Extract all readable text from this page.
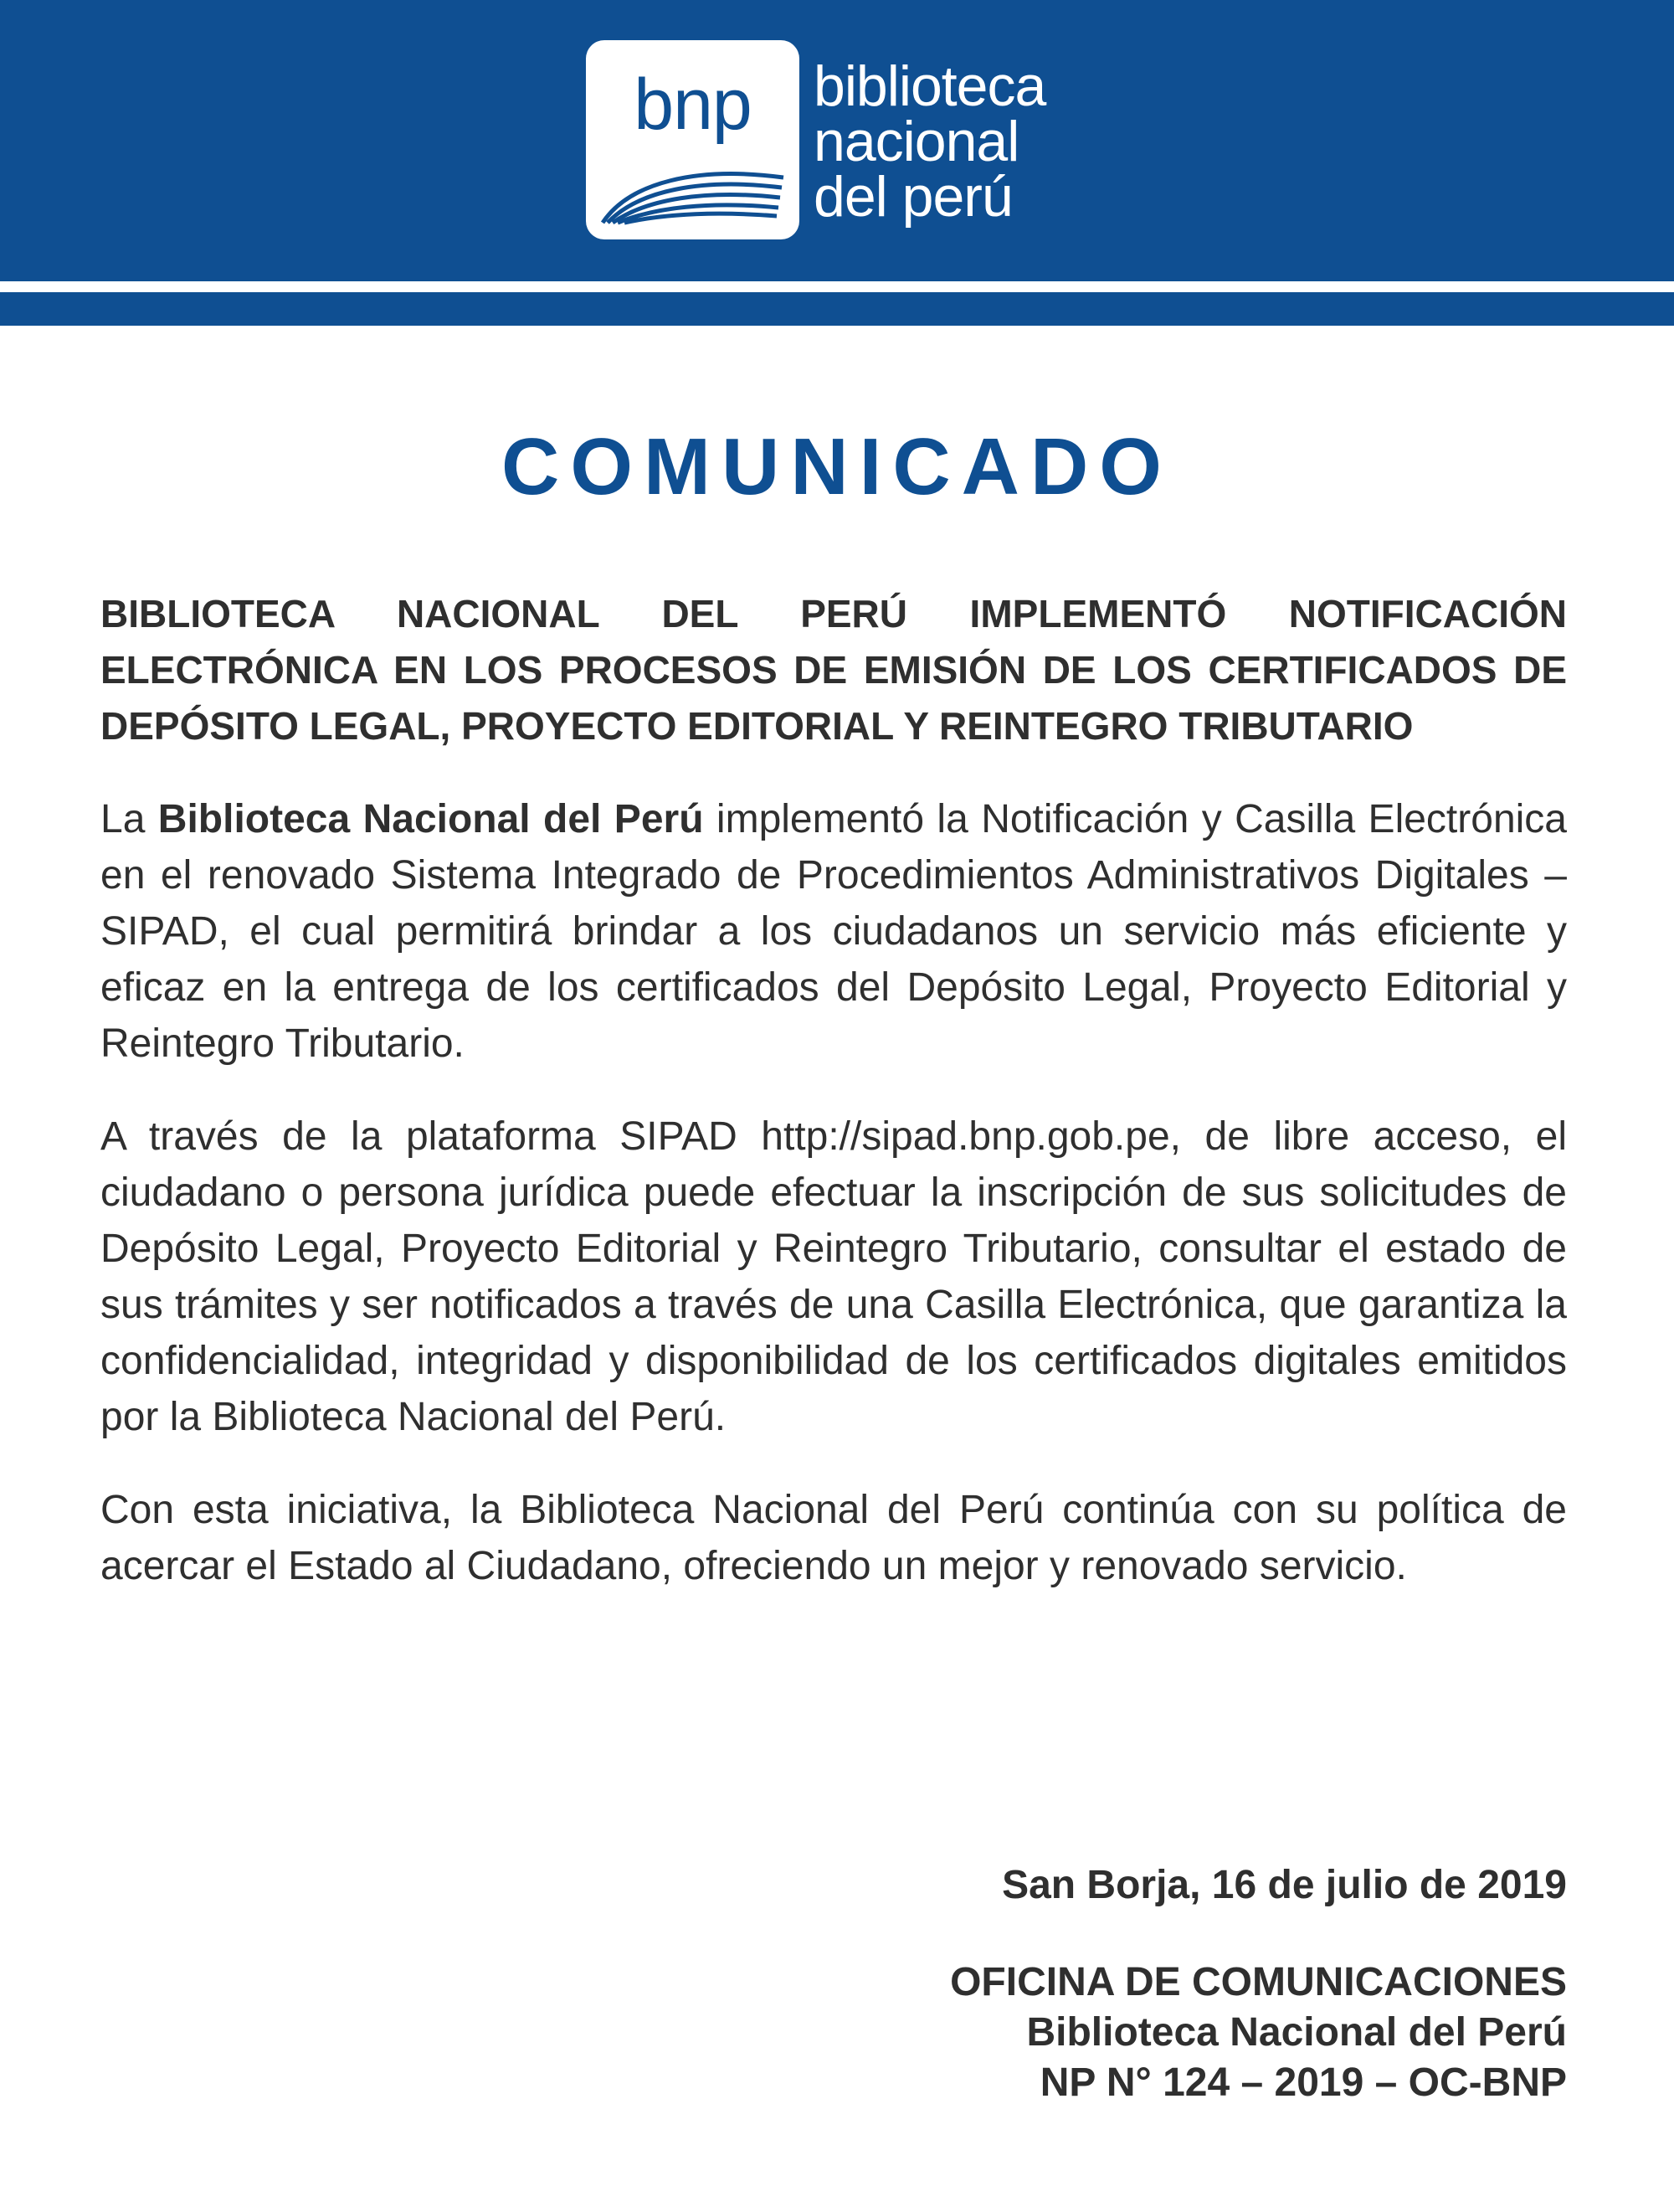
bnp	biblioteca
nacional
del perú
COMUNICADO
BIBLIOTECA NACIONAL DEL PERÚ IMPLEMENTÓ NOTIFICACIÓN ELECTRÓNICA EN LOS PROCESOS DE EMISIÓN DE LOS CERTIFICADOS DE DEPÓSITO LEGAL, PROYECTO EDITORIAL Y REINTEGRO TRIBUTARIO
La Biblioteca Nacional del Perú implementó la Notificación y Casilla Electrónica en el renovado Sistema Integrado de Procedimientos Administrativos Digitales – SIPAD, el cual permitirá brindar a los ciudadanos un servicio más eficiente y eficaz en la entrega de los certificados del Depósito Legal, Proyecto Editorial y Reintegro Tributario.
A través de la plataforma SIPAD http://sipad.bnp.gob.pe, de libre acceso, el ciudadano o persona jurídica puede efectuar la inscripción de sus solicitudes de Depósito Legal, Proyecto Editorial y Reintegro Tributario, consultar el estado de sus trámites y ser notificados a través de una Casilla Electrónica, que garantiza la confidencialidad, integridad y disponibilidad de los certificados digitales emitidos por la Biblioteca Nacional del Perú.
Con esta iniciativa, la Biblioteca Nacional del Perú continúa con su política de acercar el Estado al Ciudadano, ofreciendo un mejor y renovado servicio.
San Borja, 16 de julio de 2019
OFICINA DE COMUNICACIONES
Biblioteca Nacional del Perú
NP N° 124 – 2019 – OC-BNP
